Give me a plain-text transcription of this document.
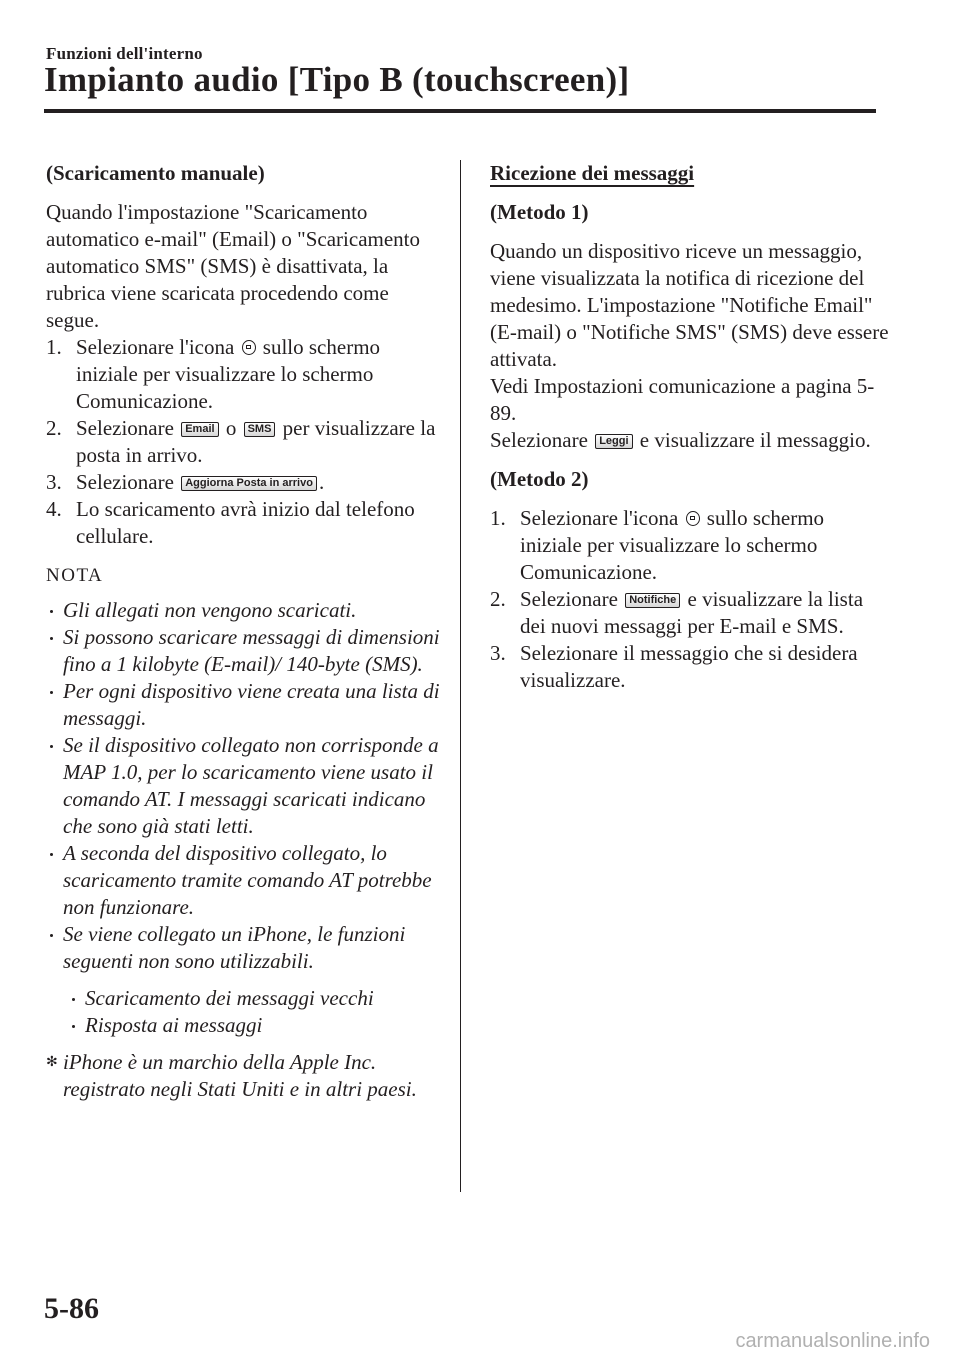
Funzioni dell'interno
Impianto audio [Tipo B (touchscreen)]

(Scaricamento manuale)

Quando l'impostazione "Scaricamento automatico e-mail" (Email) o "Scaricamento automatico SMS" (SMS) è disattivata, la rubrica viene scaricata procedendo come segue.

1. Selezionare l'icona sullo schermo iniziale per visualizzare lo schermo Comunicazione.
2. Selezionare Email o SMS per visualizzare la posta in arrivo.
3. Selezionare Aggiorna Posta in arrivo .
4. Lo scaricamento avrà inizio dal telefono cellulare.

NOTA

Gli allegati non vengono scaricati.
Si possono scaricare messaggi di dimensioni fino a 1 kilobyte (E-mail)/ 140-byte (SMS).
Per ogni dispositivo viene creata una lista di messaggi.
Se il dispositivo collegato non corrisponde a MAP 1.0, per lo scaricamento viene usato il comando AT. I messaggi scaricati indicano che sono già stati letti.
A seconda del dispositivo collegato, lo scaricamento tramite comando AT potrebbe non funzionare.
Se viene collegato un iPhone, le funzioni seguenti non sono utilizzabili.
Scaricamento dei messaggi vecchi
Risposta ai messaggi
✻ iPhone è un marchio della Apple Inc. registrato negli Stati Uniti e in altri paesi.

Ricezione dei messaggi

(Metodo 1)

Quando un dispositivo riceve un messaggio, viene visualizzata la notifica di ricezione del medesimo. L'impostazione "Notifiche Email" (E-mail) o "Notifiche SMS" (SMS) deve essere attivata.

Vedi Impostazioni comunicazione a pagina 5-89.

Selezionare Leggi e visualizzare il messaggio.

(Metodo 2)

1. Selezionare l'icona sullo schermo iniziale per visualizzare lo schermo Comunicazione.
2. Selezionare Notifiche e visualizzare la lista dei nuovi messaggi per E-mail e SMS.
3. Selezionare il messaggio che si desidera visualizzare.
5-86
carmanualsonline.info
